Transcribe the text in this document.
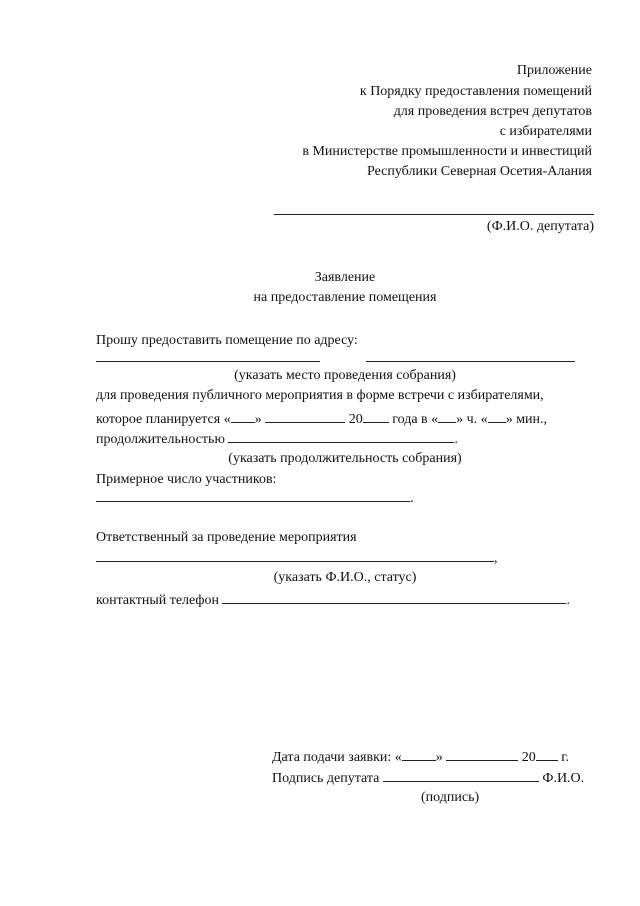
Приложение
к Порядку предоставления помещений
для проведения встреч депутатов
с избирателями
в Министерстве промышленности и инвестиций
Республики Северная Осетия-Алания
(Ф.И.О. депутата)
Заявление
на предоставление помещения
Прошу предоставить помещение по адресу:
(указать место проведения собрания)
для проведения публичного мероприятия в форме встречи с избирателями,
которое планируется « »	20 года в « » ч. « » мин.,
продолжительностью	.
(указать продолжительность собрания)
Примерное число участников:
.
Ответственный за проведение мероприятия
,
(указать Ф.И.О., статус)
контактный телефон	.
Дата подачи заявки: « »	20 г.
Подпись депутата	Ф.И.О.
(подпись)
